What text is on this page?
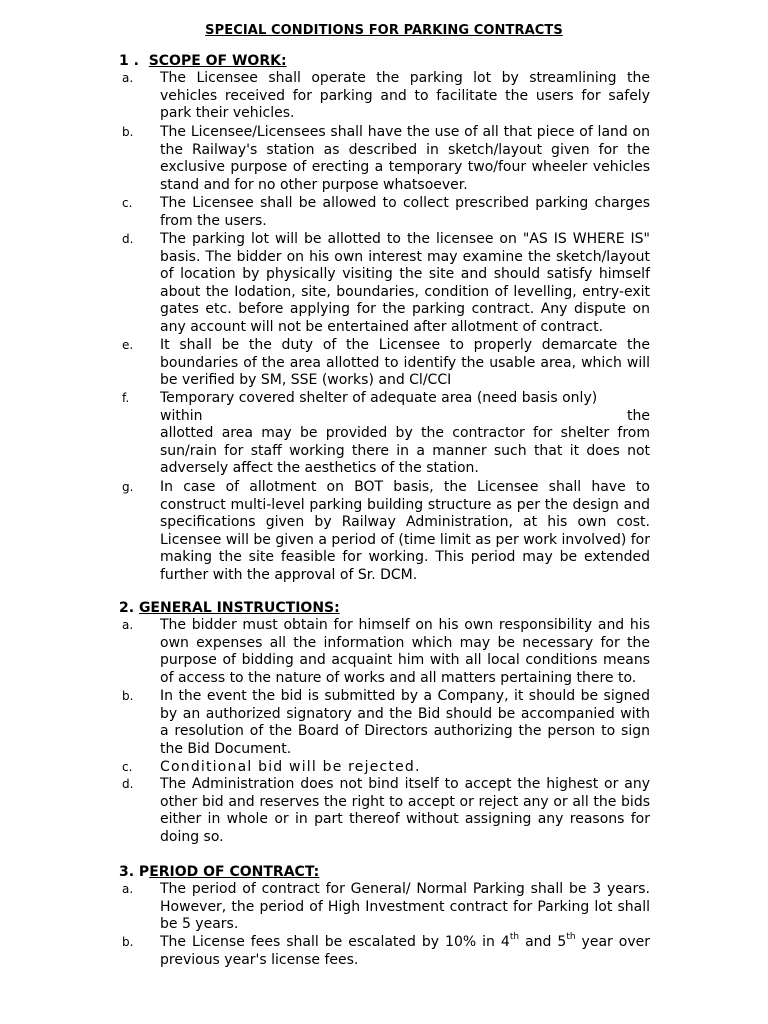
SPECIAL CONDITIONS FOR PARKING CONTRACTS
1 . SCOPE OF WORK:
a.	The Licensee shall operate the parking lot by streamlining the vehicles received for parking and to facilitate the users for safely park their vehicles.
b.	The Licensee/Licensees shall have the use of all that piece of land on the Railway's station as described in sketch/layout given for the exclusive purpose of erecting a temporary two/four wheeler vehicles stand and for no other purpose whatsoever.
c.	The Licensee shall be allowed to collect prescribed parking charges from the users.
d.	The parking lot will be allotted to the licensee on "AS IS WHERE IS" basis. The bidder on his own interest may examine the sketch/layout of location by physically visiting the site and should satisfy himself about the Iodation, site, boundaries, condition of levelling, entry-exit gates etc. before applying for the parking contract. Any dispute on any account will not be entertained after allotment of contract.
e.	It shall be the duty of the Licensee to properly demarcate the boundaries of the area allotted to identify the usable area, which will be verified by SM, SSE (works) and Cl/CCI
f.	Temporary covered shelter of adequate area (need basis only)
within	the
allotted area may be provided by the contractor for shelter from sun/rain for staff working there in a manner such that it does not adversely affect the aesthetics of the station.
g.	In case of allotment on BOT basis, the Licensee shall have to construct multi-level parking building structure as per the design and specifications given by Railway Administration, at his own cost. Licensee will be given a period of (time limit as per work involved) for making the site feasible for working. This period may be extended further with the approval of Sr. DCM.
2. GENERAL INSTRUCTIONS:
a.	The bidder must obtain for himself on his own responsibility and his own expenses all the information which may be necessary for the purpose of bidding and acquaint him with all local conditions means of access to the nature of works and all matters pertaining there to.
b.	In the event the bid is submitted by a Company, it should be signed by an authorized signatory and the Bid should be accompanied with a resolution of the Board of Directors authorizing the person to sign the Bid Document.
c.	Conditional bid will be rejected.
d.	The Administration does not bind itself to accept the highest or any other bid and reserves the right to accept or reject any or all the bids either in whole or in part thereof without assigning any reasons for doing so.
3. PERIOD OF CONTRACT:
a.	The period of contract for General/ Normal Parking shall be 3 years. However, the period of High Investment contract for Parking lot shall be 5 years.
b.	The License fees shall be escalated by 10% in 4th and 5th year over previous year's license fees.
